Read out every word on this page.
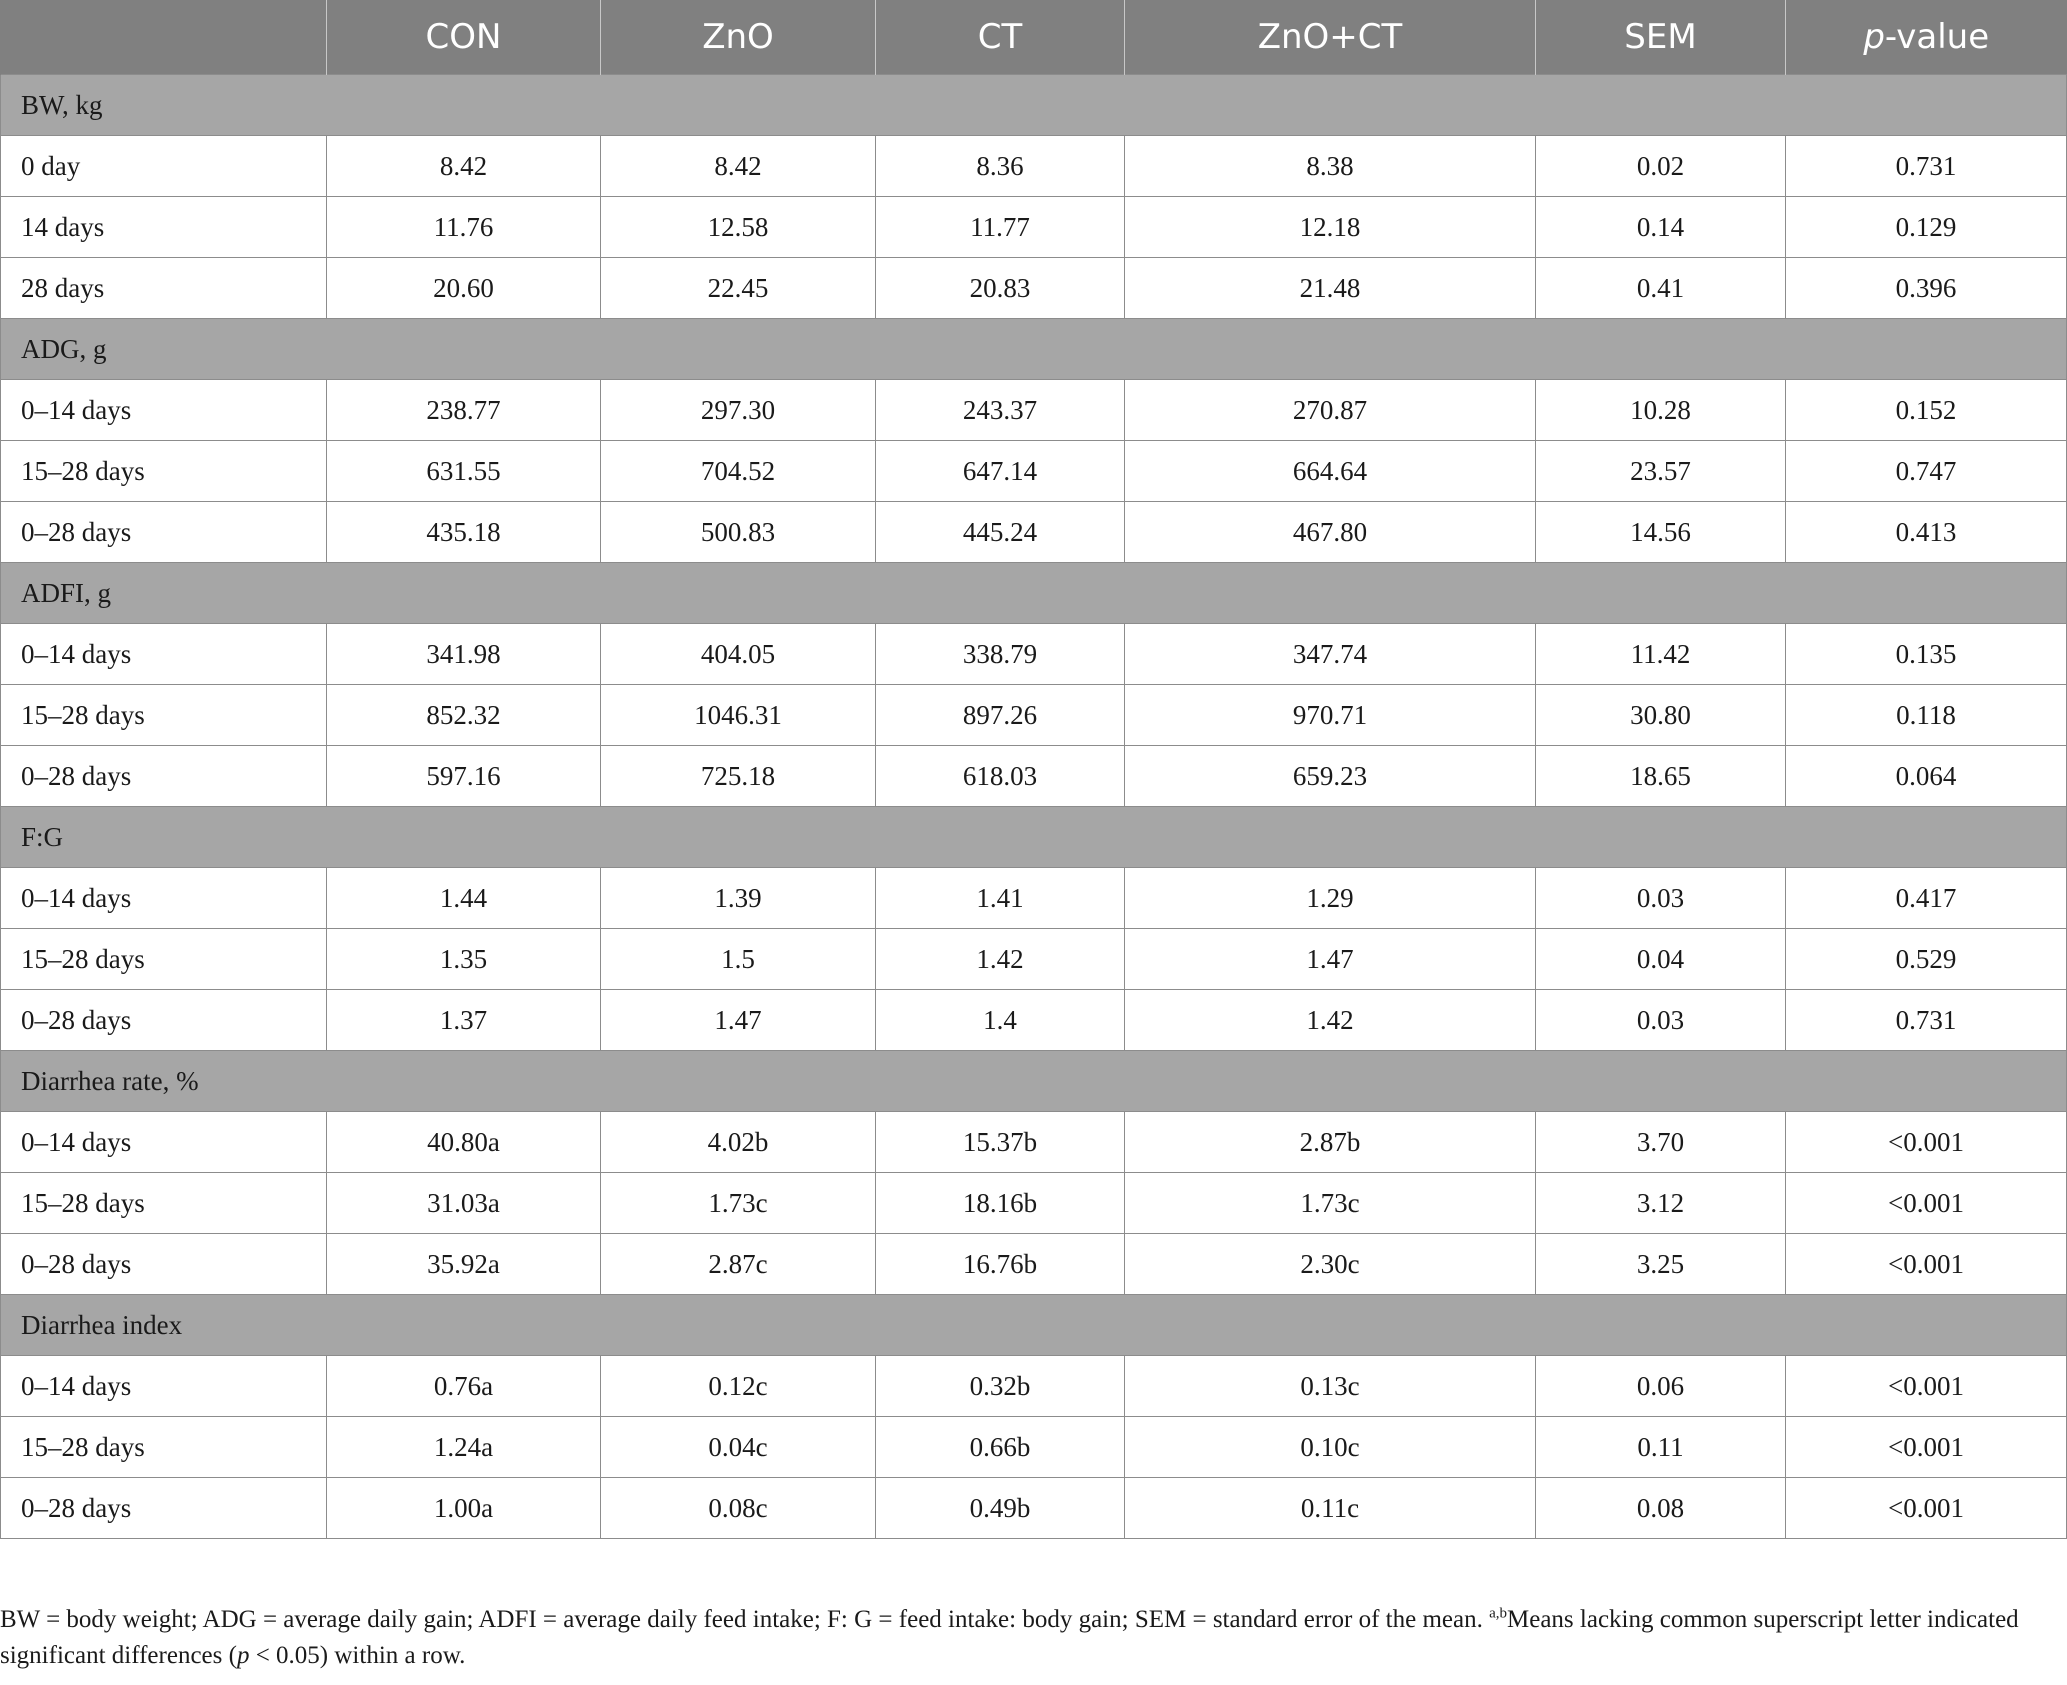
	CON	ZnO	CT	ZnO+CT	SEM	p-value
BW, kg						
0 day	8.42	8.42	8.36	8.38	0.02	0.731
14 days	11.76	12.58	11.77	12.18	0.14	0.129
28 days	20.60	22.45	20.83	21.48	0.41	0.396
ADG, g						
0–14 days	238.77	297.30	243.37	270.87	10.28	0.152
15–28 days	631.55	704.52	647.14	664.64	23.57	0.747
0–28 days	435.18	500.83	445.24	467.80	14.56	0.413
ADFI, g						
0–14 days	341.98	404.05	338.79	347.74	11.42	0.135
15–28 days	852.32	1046.31	897.26	970.71	30.80	0.118
0–28 days	597.16	725.18	618.03	659.23	18.65	0.064
F:G						
0–14 days	1.44	1.39	1.41	1.29	0.03	0.417
15–28 days	1.35	1.5	1.42	1.47	0.04	0.529
0–28 days	1.37	1.47	1.4	1.42	0.03	0.731
Diarrhea rate, %						
0–14 days	40.80a	4.02b	15.37b	2.87b	3.70	<0.001
15–28 days	31.03a	1.73c	18.16b	1.73c	3.12	<0.001
0–28 days	35.92a	2.87c	16.76b	2.30c	3.25	<0.001
Diarrhea index						
0–14 days	0.76a	0.12c	0.32b	0.13c	0.06	<0.001
15–28 days	1.24a	0.04c	0.66b	0.10c	0.11	<0.001
0–28 days	1.00a	0.08c	0.49b	0.11c	0.08	<0.001
BW = body weight; ADG = average daily gain; ADFI = average daily feed intake; F: G = feed intake: body gain; SEM = standard error of the mean. $^{a,b}$Means lacking common superscript letter indicated significant differences (p < 0.05) within a row.
